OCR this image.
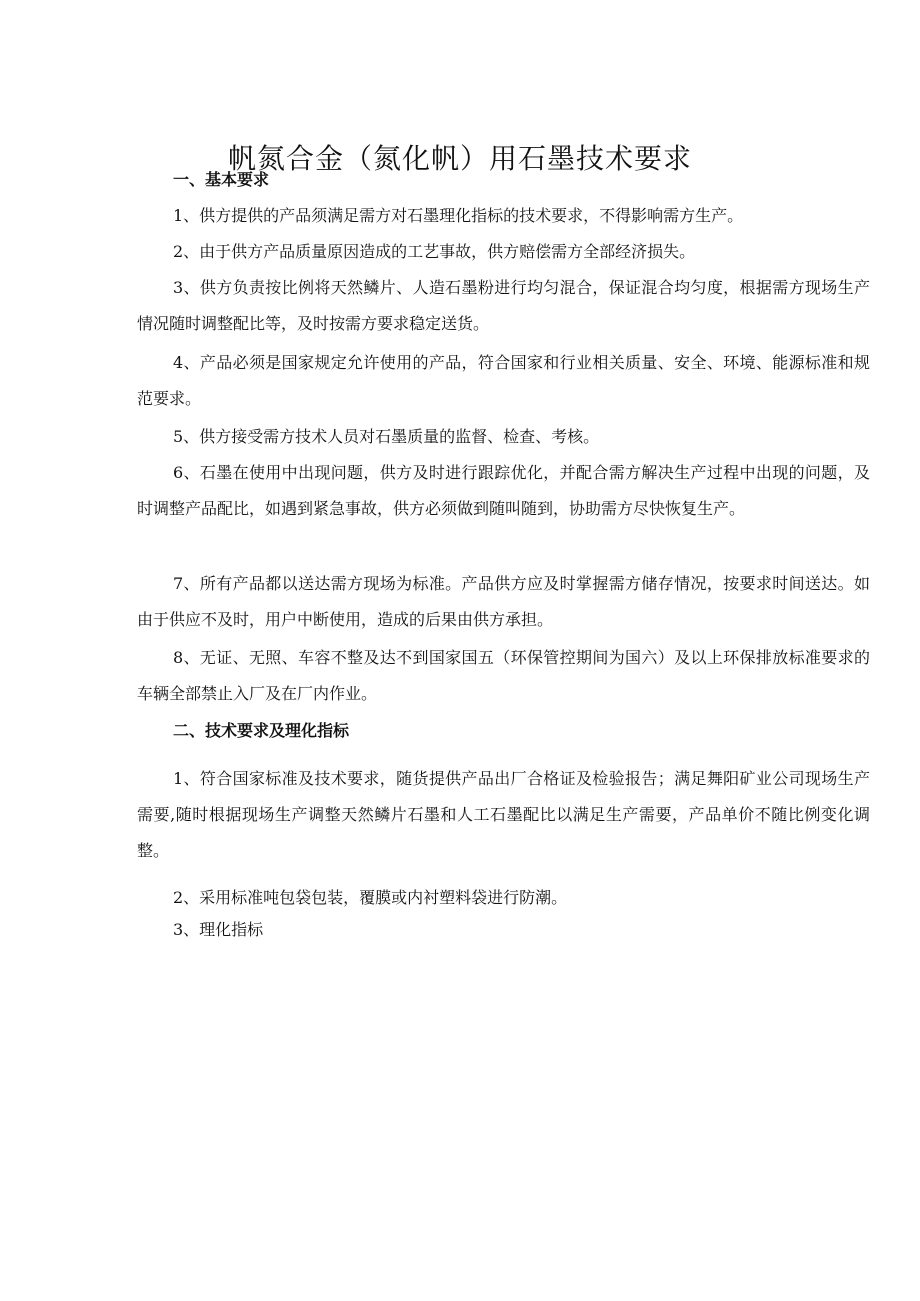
帆氮合金（氮化帆）用石墨技术要求
一、基本要求

1、供方提供的产品须满足需方对石墨理化指标的技术要求，不得影响需方生产。

2、由于供方产品质量原因造成的工艺事故，供方赔偿需方全部经济损失。

3、供方负责按比例将天然鳞片、人造石墨粉进行均匀混合，保证混合均匀度，根据需方现场生产情况随时调整配比等，及时按需方要求稳定送货。

4、产品必须是国家规定允许使用的产品，符合国家和行业相关质量、安全、环境、能源标准和规范要求。

5、供方接受需方技术人员对石墨质量的监督、检查、考核。

6、石墨在使用中出现问题，供方及时进行跟踪优化，并配合需方解决生产过程中出现的问题，及时调整产品配比，如遇到紧急事故，供方必须做到随叫随到，协助需方尽快恢复生产。

7、所有产品都以送达需方现场为标准。产品供方应及时掌握需方储存情况，按要求时间送达。如由于供应不及时，用户中断使用，造成的后果由供方承担。

8、无证、无照、车容不整及达不到国家国五（环保管控期间为国六）及以上环保排放标准要求的车辆全部禁止入厂及在厂内作业。

二、技术要求及理化指标

1、符合国家标准及技术要求，随货提供产品出厂合格证及检验报告；满足舞阳矿业公司现场生产需要,随时根据现场生产调整天然鳞片石墨和人工石墨配比以满足生产需要，产品单价不随比例变化调整。

2、采用标准吨包袋包装，覆膜或内衬塑料袋进行防潮。

3、理化指标
